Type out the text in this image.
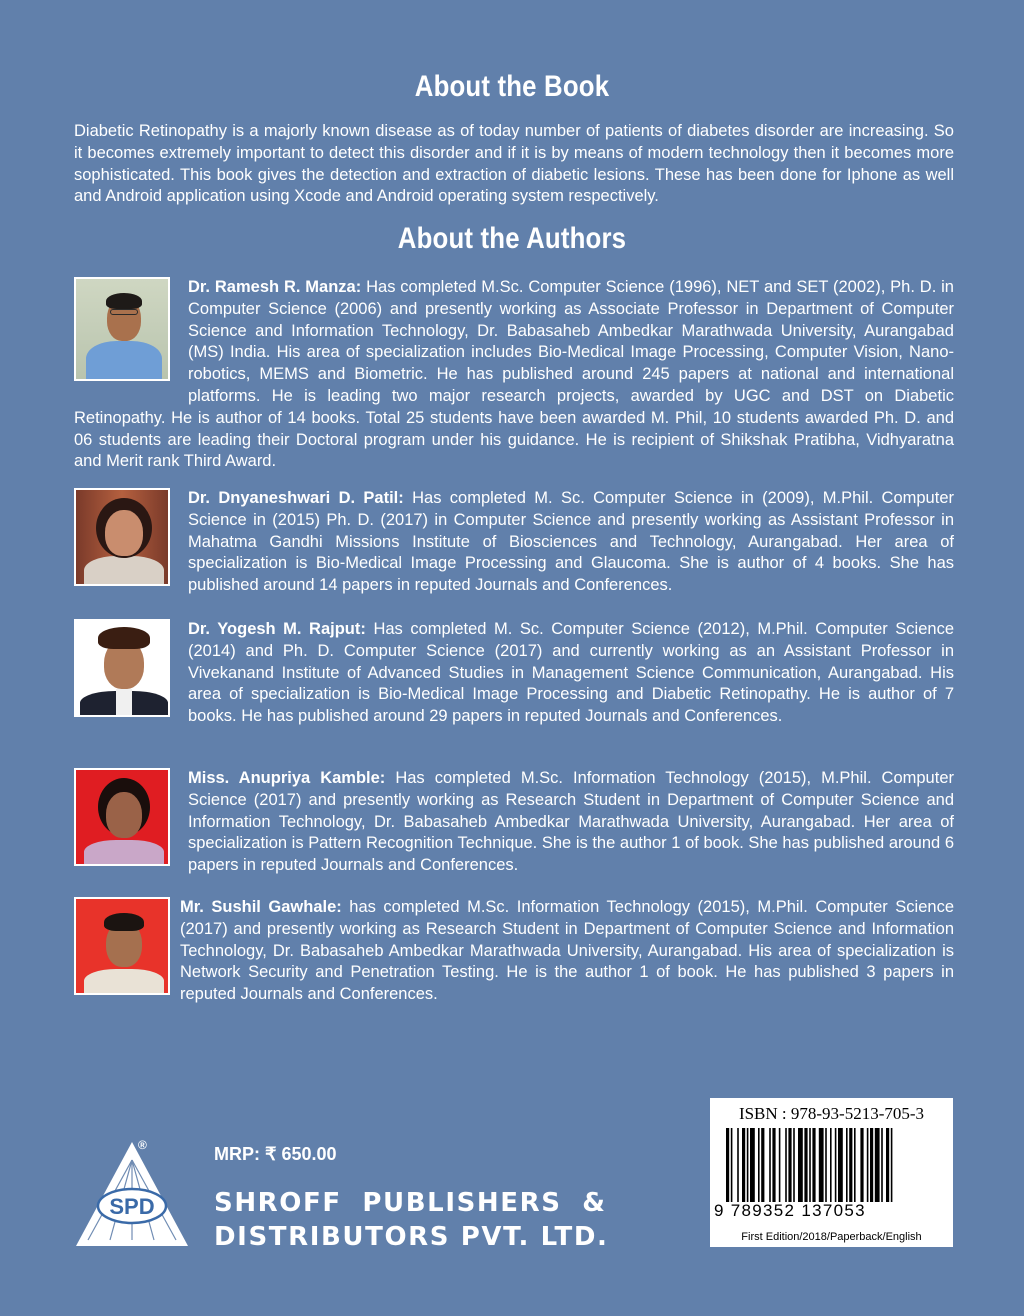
About the Book
Diabetic Retinopathy is a majorly known disease as of today number of patients of diabetes disorder are increasing. So it becomes extremely important to detect this disorder and if it is by means of modern technology then it becomes more sophisticated. This book gives the detection and extraction of diabetic lesions. These has been done for Iphone as well and Android application using Xcode and Android operating system respectively.
About the Authors
Dr. Ramesh R. Manza: Has completed M.Sc. Computer Science (1996), NET and SET (2002), Ph. D. in Computer Science (2006) and presently working as Associate Professor in Department of Computer Science and Information Technology, Dr. Babasaheb Ambedkar Marathwada University, Aurangabad (MS) India. His area of specialization includes Bio-Medical Image Processing, Computer Vision, Nano-robotics, MEMS and Biometric. He has published around 245 papers at national and international platforms. He is leading two major research projects, awarded by UGC and DST on Diabetic Retinopathy. He is author of 14 books. Total 25 students have been awarded M. Phil, 10 students awarded Ph. D. and 06 students are leading their Doctoral program under his guidance. He is recipient of Shikshak Pratibha, Vidhyaratna and Merit rank Third Award.
Dr. Dnyaneshwari D. Patil: Has completed M. Sc. Computer Science in (2009), M.Phil. Computer Science in (2015) Ph. D. (2017) in Computer Science and presently working as Assistant Professor in Mahatma Gandhi Missions Institute of Biosciences and Technology, Aurangabad. Her area of specialization is Bio-Medical Image Processing and Glaucoma. She is author of 4 books. She has published around 14 papers in reputed Journals and Conferences.
Dr. Yogesh M. Rajput: Has completed M. Sc. Computer Science (2012), M.Phil. Computer Science (2014) and Ph. D. Computer Science (2017) and currently working as an Assistant Professor in Vivekanand Institute of Advanced Studies in Management Science Communication, Aurangabad. His area of specialization is Bio-Medical Image Processing and Diabetic Retinopathy. He is author of 7 books. He has published around 29 papers in reputed Journals and Conferences.
Miss. Anupriya Kamble: Has completed M.Sc. Information Technology (2015), M.Phil. Computer Science (2017) and presently working as Research Student in Department of Computer Science and Information Technology, Dr. Babasaheb Ambedkar Marathwada University, Aurangabad. Her area of specialization is Pattern Recognition Technique. She is the author 1 of book. She has published around 6 papers in reputed Journals and Conferences.
Mr. Sushil Gawhale: has completed M.Sc. Information Technology (2015), M.Phil. Computer Science (2017) and presently working as Research Student in Department of Computer Science and Information Technology, Dr. Babasaheb Ambedkar Marathwada University, Aurangabad. His area of specialization is Network Security and Penetration Testing. He is the author 1 of book. He has published 3 papers in reputed Journals and Conferences.
SPD
®	MRP: ₹ 650.00
SHROFF PUBLISHERS &
DISTRIBUTORS PVT. LTD.
ISBN : 978-93-5213-705-3
9 789352 137053
First Edition/2018/Paperback/English
